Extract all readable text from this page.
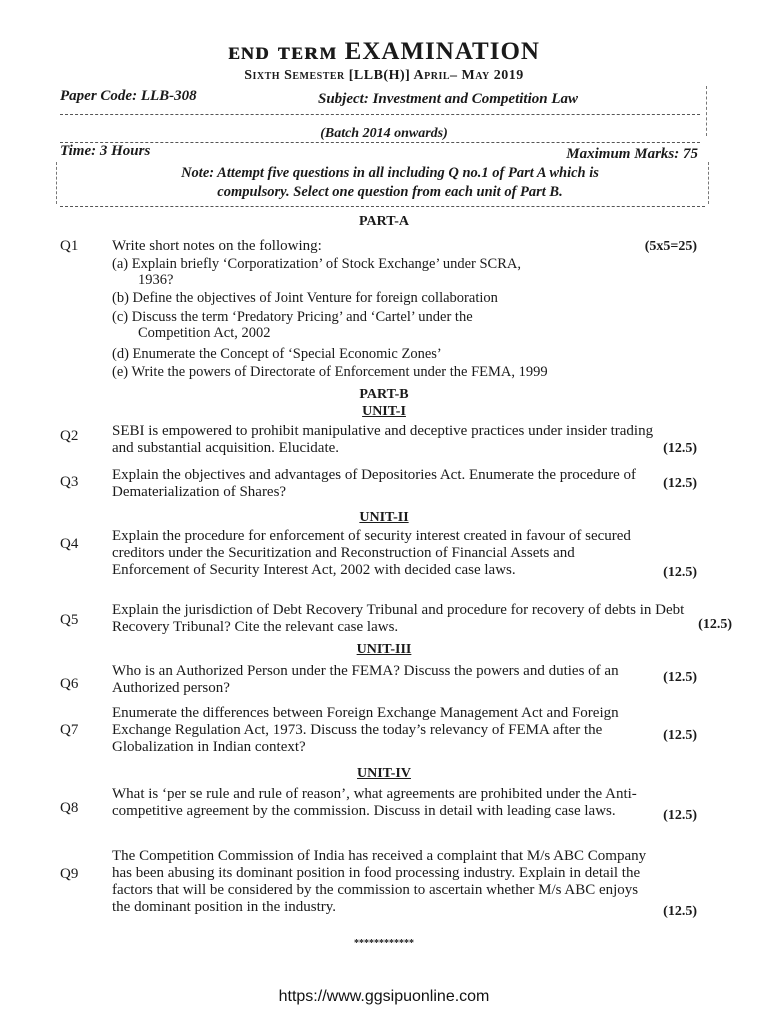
ᴇɴᴅ ᴛᴇʀᴍ EXAMINATION
Sixth Semester [LLB(H)] April– May 2019
Paper Code: LLB-308	Subject: Investment and Competition Law
(Batch 2014 onwards)
Time: 3 Hours	Maximum Marks: 75
Note: Attempt five questions in all including Q no.1 of Part A which is
compulsory. Select one question from each unit of Part B.
PART-A
Q1	(5x5=25)
Write short notes on the following:
(a) Explain briefly ‘Corporatization’ of Stock Exchange’ under SCRA,
1936?
(b) Define the objectives of Joint Venture for foreign collaboration
(c) Discuss the term ‘Predatory Pricing’ and ‘Cartel’ under the
Competition Act, 2002
(d) Enumerate the Concept of ‘Special Economic Zones’
(e) Write the powers of Directorate of Enforcement under the FEMA, 1999
PART-B
UNIT-I
Q2
(12.5)
SEBI is empowered to prohibit manipulative and deceptive practices under insider trading and substantial acquisition. Elucidate.
Q3	(12.5)
Explain the objectives and advantages of Depositories Act. Enumerate the procedure of Dematerialization of Shares?
UNIT-II
Q4
(12.5)
Explain the procedure for enforcement of security interest created in favour of secured creditors under the Securitization and Reconstruction of Financial Assets and Enforcement of Security Interest Act, 2002 with decided case laws.
Q5	(12.5)
Explain the jurisdiction of Debt Recovery Tribunal and procedure for recovery of debts in Debt Recovery Tribunal? Cite the relevant case laws.
UNIT-III
Q6	(12.5)
Who is an Authorized Person under the FEMA? Discuss the powers and duties of an Authorized person?
Q7	(12.5)
Enumerate the differences between Foreign Exchange Management Act and Foreign Exchange Regulation Act, 1973. Discuss the today’s relevancy of FEMA after the Globalization in Indian context?
UNIT-IV
Q8	(12.5)
What is ‘per se rule and rule of reason’, what agreements are prohibited under the Anti-competitive agreement by the commission. Discuss in detail with leading case laws.
Q9
(12.5)
The Competition Commission of India has received a complaint that M/s ABC Company has been abusing its dominant position in food processing industry. Explain in detail the factors that will be considered by the commission to ascertain whether M/s ABC enjoys the dominant position in the industry.
************
https://www.ggsipuonline.com
